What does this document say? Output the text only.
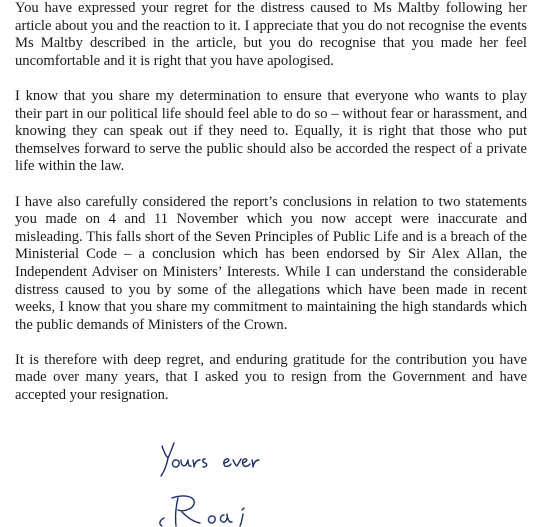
You have expressed your regret for the distress caused to Ms Maltby following her article about you and the reaction to it. I appreciate that you do not recognise the events Ms Maltby described in the article, but you do recognise that you made her feel uncomfortable and it is right that you have apologised.

I know that you share my determination to ensure that everyone who wants to play their part in our political life should feel able to do so – without fear or harassment, and knowing they can speak out if they need to. Equally, it is right that those who put themselves forward to serve the public should also be accorded the respect of a private life within the law.

I have also carefully considered the report’s conclusions in relation to two statements you made on 4 and 11 November which you now accept were inaccurate and misleading. This falls short of the Seven Principles of Public Life and is a breach of the Ministerial Code – a conclusion which has been endorsed by Sir Alex Allan, the Independent Adviser on Ministers’ Interests. While I can understand the considerable distress caused to you by some of the allegations which have been made in recent weeks, I know that you share my commitment to maintaining the high standards which the public demands of Ministers of the Crown.

It is therefore with deep regret, and enduring gratitude for the contribution you have made over many years, that I asked you to resign from the Government and have accepted your resignation.
